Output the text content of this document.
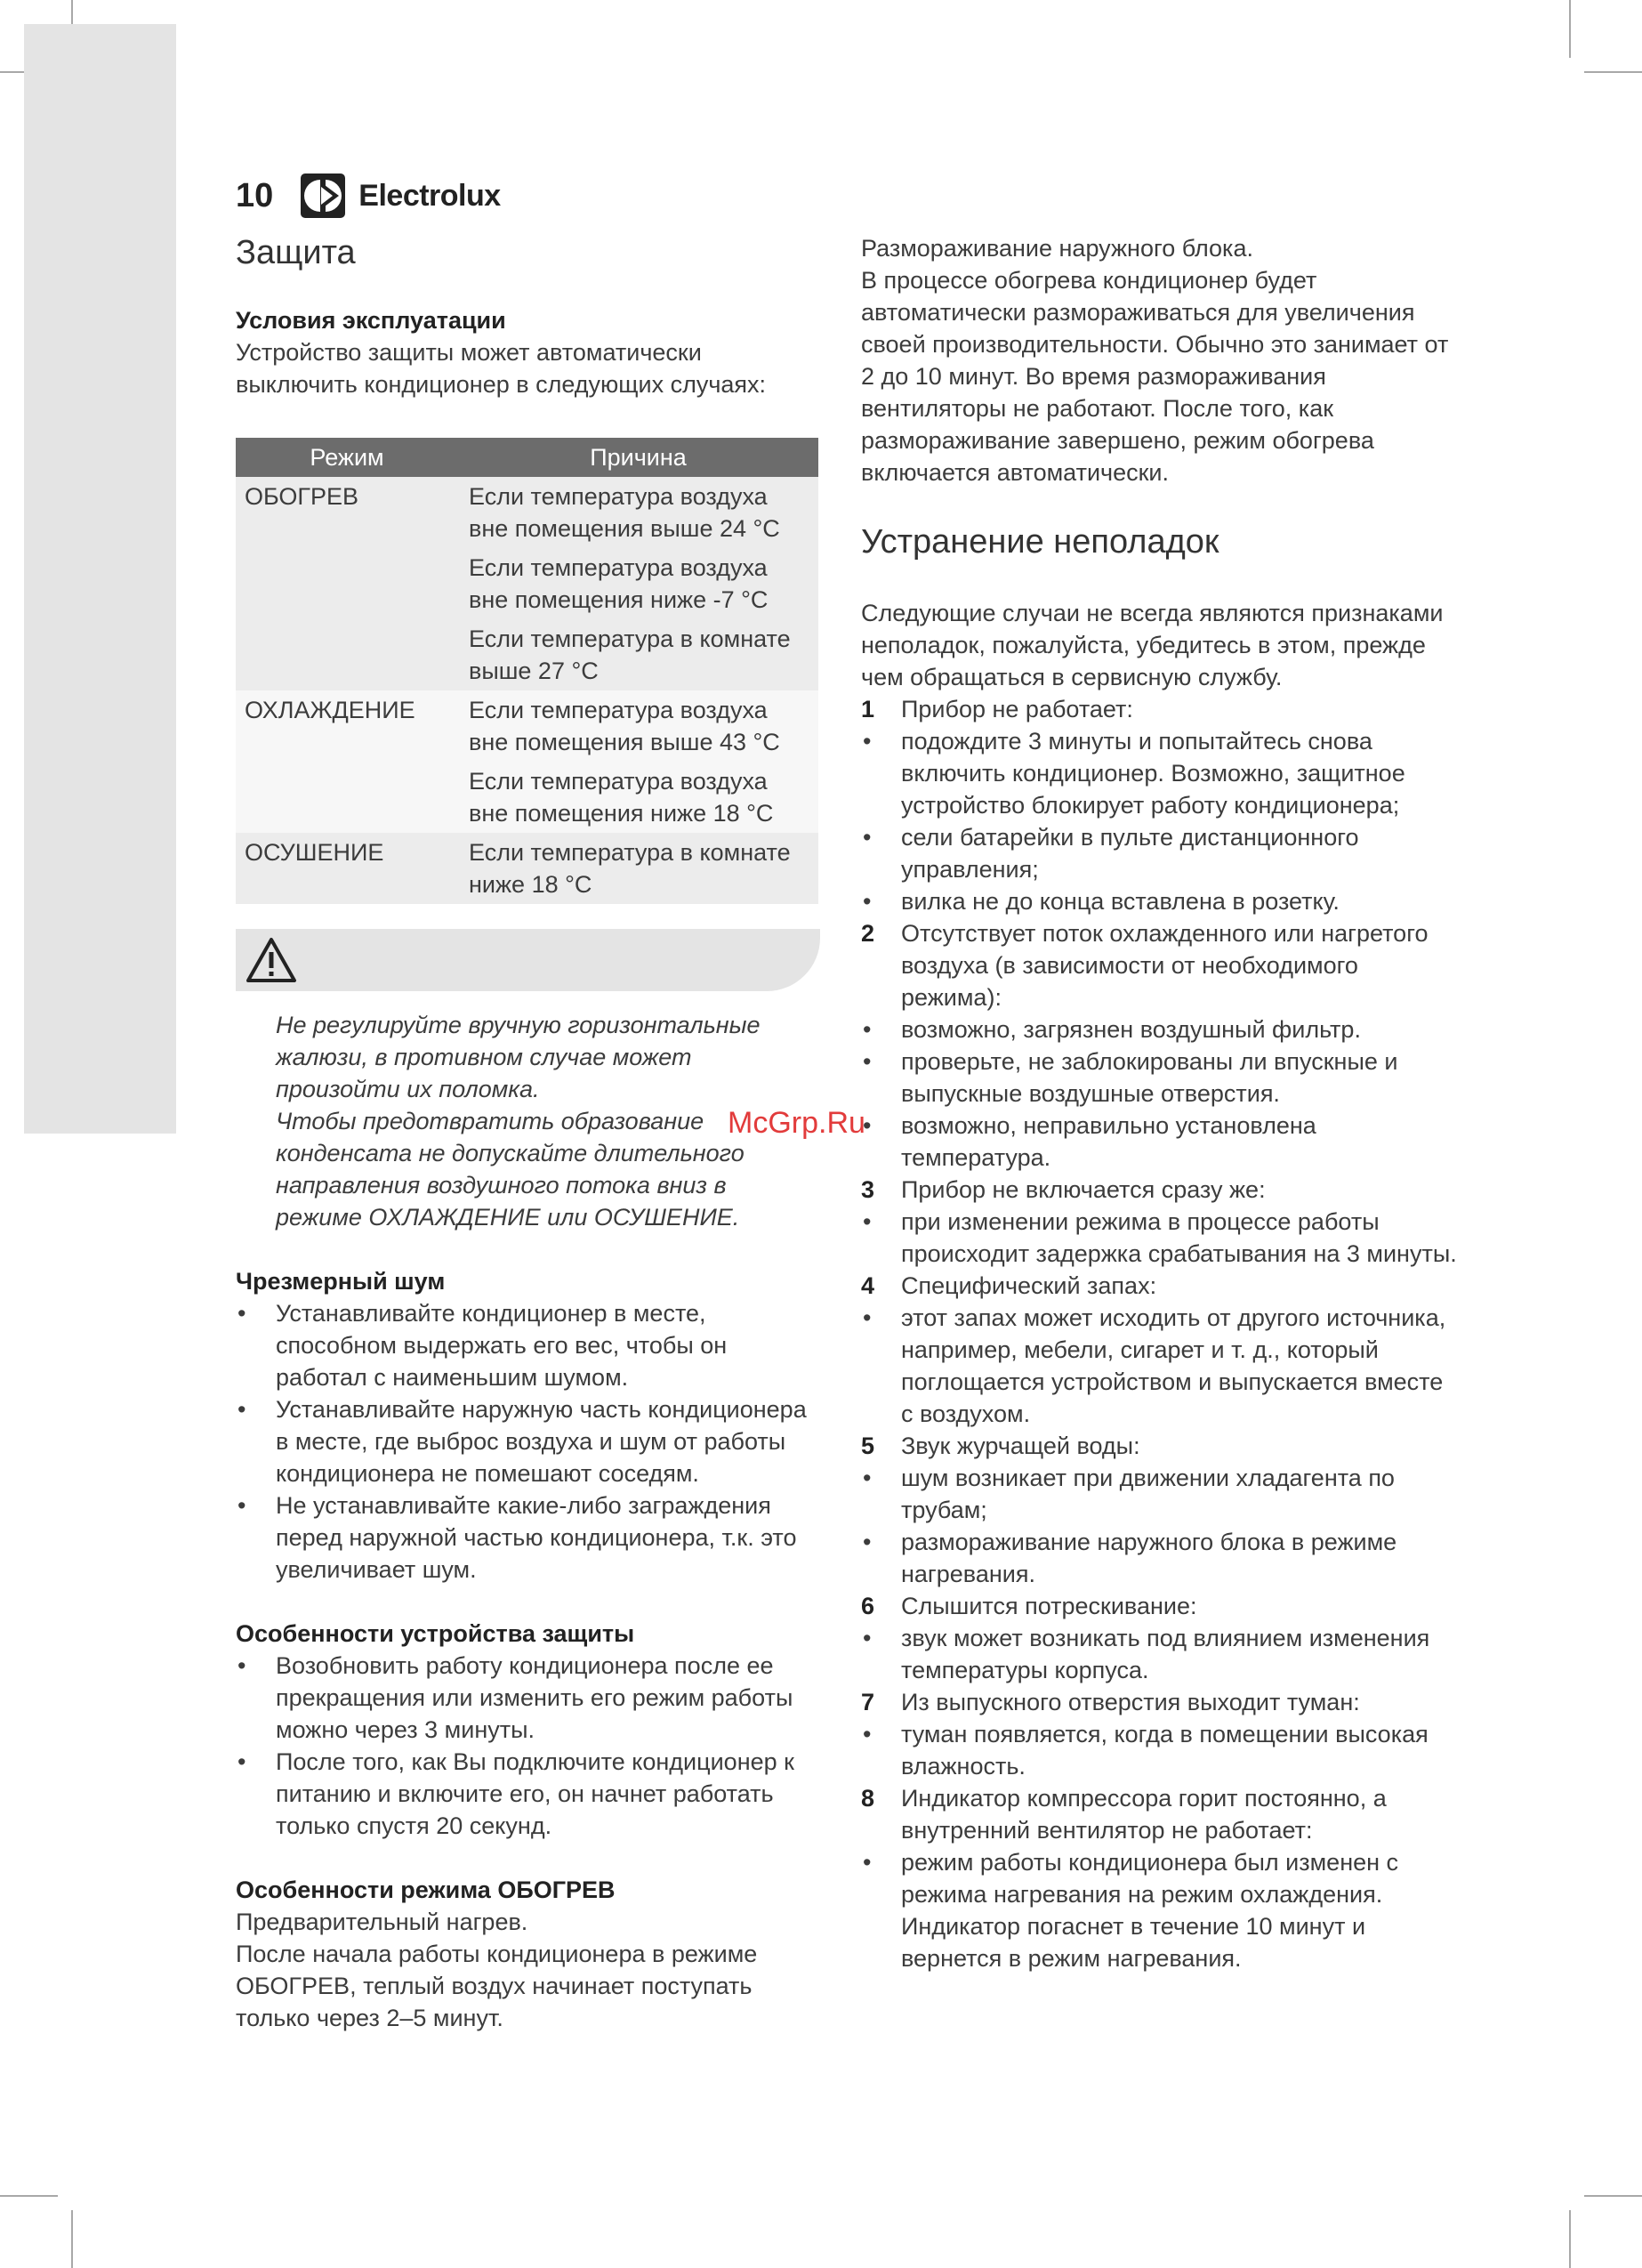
10	Electrolux
Защита
Условия эксплуатации

Устройство защиты может автоматически выключить кондиционер в следующих случаях:

Режим	Причина
ОБОГРЕВ	Если температура воздуха вне помещения выше 24 °C
	Если температура воздуха вне помещения ниже -7 °C
	Если температура в комнате выше 27 °C
ОХЛАЖДЕНИЕ	Если температура воздуха вне помещения выше 43 °C
	Если температура воздуха вне помещения ниже 18 °C
ОСУШЕНИЕ	Если температура в комнате ниже 18 °C

Не регулируйте вручную горизонтальные жалюзи, в противном случае может произойти их поломка.

Чтобы предотвратить образование конденсата не допускайте длительного направления воздушного потока вниз в режиме ОХЛАЖДЕНИЕ или ОСУШЕНИЕ.

Чрезмерный шум
• Устанавливайте кондиционер в месте, способном выдержать его вес, чтобы он работал с наименьшим шумом.
• Устанавливайте наружную часть кондиционера в месте, где выброс воздуха и шум от работы кондиционера не помешают соседям.
• Не устанавливайте какие-либо заграждения перед наружной частью кондиционера, т.к. это увеличивает шум.
Особенности устройства защиты
• Возобновить работу кондиционера после ее прекращения или изменить его режим работы можно через 3 минуты.
• После того, как Вы подключите кондиционер к питанию и включите его, он начнет работать только спустя 20 секунд.
Особенности режима ОБОГРЕВ

Предварительный нагрев.

После начала работы кондиционера в режиме ОБОГРЕВ, теплый воздух начинает поступать только через 2–5 минут.

Размораживание наружного блока.

В процессе обогрева кондиционер будет автоматически размораживаться для увеличения своей производительности. Обычно это занимает от 2 до 10 минут. Во время размораживания вентиляторы не работают. После того, как размораживание завершено, режим обогрева включается автоматически.

Устранение неполадок

Следующие случаи не всегда являются признаками неполадок, пожалуйста, убедитесь в этом, прежде чем обращаться в сервисную службу.

1 Прибор не работает:
• подождите 3 минуты и попытайтесь снова включить кондиционер. Возможно, защитное устройство блокирует работу кондиционера;
• сели батарейки в пульте дистанционного управления;
• вилка не до конца вставлена в розетку.
2 Отсутствует поток охлажденного или нагретого воздуха (в зависимости от необходимого режима):
• возможно, загрязнен воздушный фильтр.
• проверьте, не заблокированы ли впускные и выпускные воздушные отверстия.
• возможно, неправильно установлена температура.
3 Прибор не включается сразу же:
• при изменении режима в процессе работы происходит задержка срабатывания на 3 минуты.
4 Специфический запах:
• этот запах может исходить от другого источника, например, мебели, сигарет и т. д., который поглощается устройством и выпускается вместе с воздухом.
5 Звук журчащей воды:
• шум возникает при движении хладагента по трубам;
• размораживание наружного блока в режиме нагревания.
6 Слышится потрескивание:
• звук может возникать под влиянием изменения температуры корпуса.
7 Из выпускного отверстия выходит туман:
• туман появляется, когда в помещении высокая влажность.
8 Индикатор компрессора горит постоянно, а внутренний вентилятор не работает:
• режим работы кондиционера был изменен с режима нагревания на режим охлаждения. Индикатор погаснет в течение 10 минут и вернется в режим нагревания.
McGrp.Ru
